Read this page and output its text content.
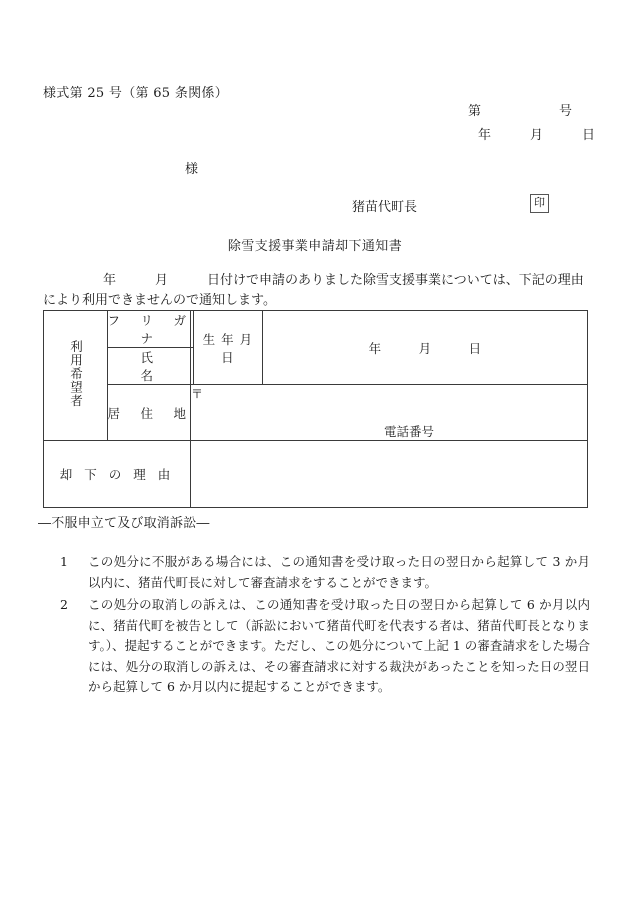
様式第 25 号（第 65 条関係）
第　　　　　　号
年　　　月　　　日
様
猪苗代町長	印
除雪支援事業申請却下通知書
年　　　月　　　日付けで申請のありました除雪支援事業については、下記の理由により利用できませんので通知します。
利用希望者	フ　リ　ガ　ナ		生 年 月 日	年　　　月　　　日
	氏　　　　名			
	居　住　地	〒
電話番号		

却 下 の 理 由				
―不服申立て及び取消訴訟―
1	この処分に不服がある場合には、この通知書を受け取った日の翌日から起算して 3 か月以内に、猪苗代町長に対して審査請求をすることができます。
2	この処分の取消しの訴えは、この通知書を受け取った日の翌日から起算して 6 か月以内に、猪苗代町を被告として（訴訟において猪苗代町を代表する者は、猪苗代町長となります。）、提起することができます。ただし、この処分について上記 1 の審査請求をした場合には、処分の取消しの訴えは、その審査請求に対する裁決があったことを知った日の翌日から起算して 6 か月以内に提起することができます。
